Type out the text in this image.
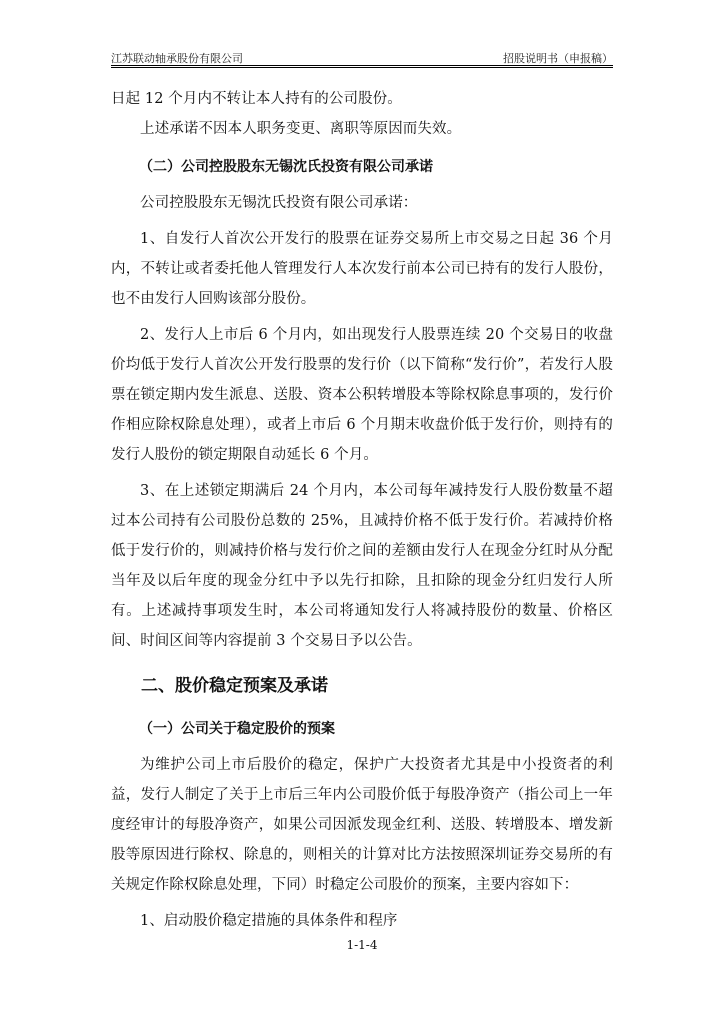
江苏联动轴承股份有限公司	招股说明书（申报稿）

日起 12 个月内不转让本人持有的公司股份。

上述承诺不因本人职务变更、离职等原因而失效。

（二）公司控股股东无锡沈氏投资有限公司承诺

公司控股股东无锡沈氏投资有限公司承诺：

1、自发行人首次公开发行的股票在证券交易所上市交易之日起 36 个月内，不转让或者委托他人管理发行人本次发行前本公司已持有的发行人股份，也不由发行人回购该部分股份。

2、发行人上市后 6 个月内，如出现发行人股票连续 20 个交易日的收盘价均低于发行人首次公开发行股票的发行价（以下简称“发行价”，若发行人股票在锁定期内发生派息、送股、资本公积转增股本等除权除息事项的，发行价作相应除权除息处理），或者上市后 6 个月期末收盘价低于发行价，则持有的发行人股份的锁定期限自动延长 6 个月。

3、在上述锁定期满后 24 个月内，本公司每年减持发行人股份数量不超过本公司持有公司股份总数的 25%，且减持价格不低于发行价。若减持价格低于发行价的，则减持价格与发行价之间的差额由发行人在现金分红时从分配当年及以后年度的现金分红中予以先行扣除，且扣除的现金分红归发行人所有。上述减持事项发生时，本公司将通知发行人将减持股份的数量、价格区间、时间区间等内容提前 3 个交易日予以公告。

二、股价稳定预案及承诺
（一）公司关于稳定股价的预案

为维护公司上市后股价的稳定，保护广大投资者尤其是中小投资者的利益，发行人制定了关于上市后三年内公司股价低于每股净资产（指公司上一年度经审计的每股净资产，如果公司因派发现金红利、送股、转增股本、增发新股等原因进行除权、除息的，则相关的计算对比方法按照深圳证券交易所的有关规定作除权除息处理，下同）时稳定公司股价的预案，主要内容如下：

1、启动股价稳定措施的具体条件和程序

1-1-4
